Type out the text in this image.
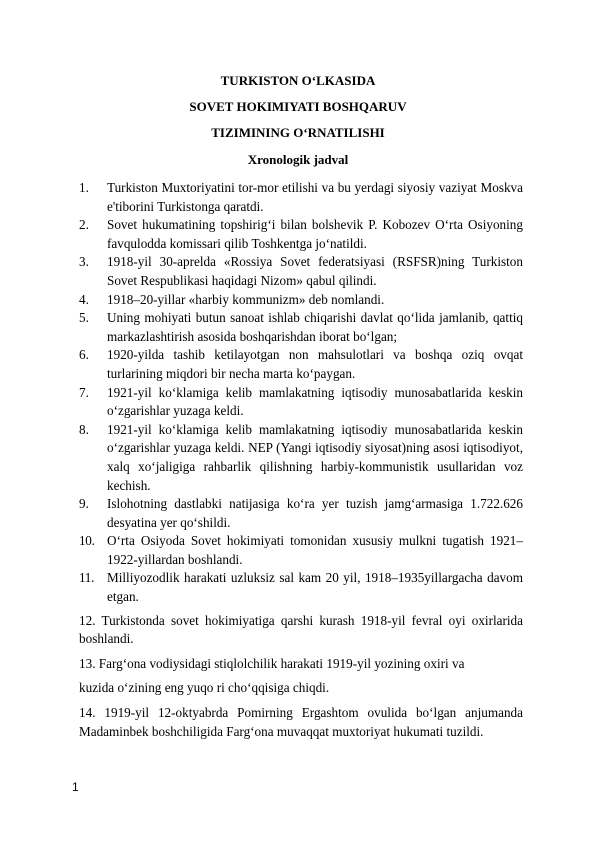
TURKISTON O‘LKASIDA
SOVET HOKIMIYATI BOSHQARUV
TIZIMINING O‘RNATILISHI
Xronologik jadval
1.	Turkiston Muxtoriyatini tor-mor etilishi va bu yerdagi siyosiy vaziyat Moskva e'tiborini Turkistonga qaratdi.
2.	Sovet hukumatining topshirig‘i bilan bolshevik P. Kobozev O‘rta Osiyoning favqulodda komissari qilib Toshkentga jo‘natildi.
3.	1918-yil 30-aprelda «Rossiya Sovet federatsiyasi (RSFSR)ning Turkiston Sovet Respublikasi haqidagi Nizom» qabul qilindi.
4.	1918–20-yillar «harbiy kommunizm» deb nomlandi.
5.	Uning mohiyati butun sanoat ishlab chiqarishi davlat qo‘lida jamlanib, qattiq markazlashtirish asosida boshqarishdan iborat bo‘lgan;
6.	1920-yilda tashib ketilayotgan non mahsulotlari va boshqa oziq ovqat turlarining miqdori bir necha marta ko‘paygan.
7.	1921-yil ko‘klamiga kelib mamlakatning iqtisodiy munosabatlarida keskin o‘zgarishlar yuzaga keldi.
8.	1921-yil ko‘klamiga kelib mamlakatning iqtisodiy munosabatlarida keskin o‘zgarishlar yuzaga keldi. NEP (Yangi iqtisodiy siyosat)ning asosi iqtisodiyot, xalq xo‘jaligiga rahbarlik qilishning harbiy-kommunistik usullaridan voz kechish.
9.	Islohotning dastlabki natijasiga ko‘ra yer tuzish jamg‘armasiga 1.722.626 desyatina yer qo‘shildi.
10. O‘rta Osiyoda Sovet hokimiyati tomonidan xususiy mulkni tugatish 1921–1922-yillardan boshlandi.
11. Milliyozodlik harakati uzluksiz sal kam 20 yil, 1918–1935yillargacha davom etgan.
12. Turkistonda sovet hokimiyatiga qarshi kurash 1918-yil fevral oyi oxirlarida boshlandi.
13. Farg‘ona vodiysidagi stiqlolchilik harakati 1919-yil yozining oxiri va
kuzida o‘zining eng yuqo ri cho‘qqisiga chiqdi.
14. 1919-yil 12-oktyabrda Pomirning Ergashtom ovulida bo‘lgan anjumanda Madaminbek boshchiligida Farg‘ona muvaqqat muxtoriyat hukumati tuzildi.
1
